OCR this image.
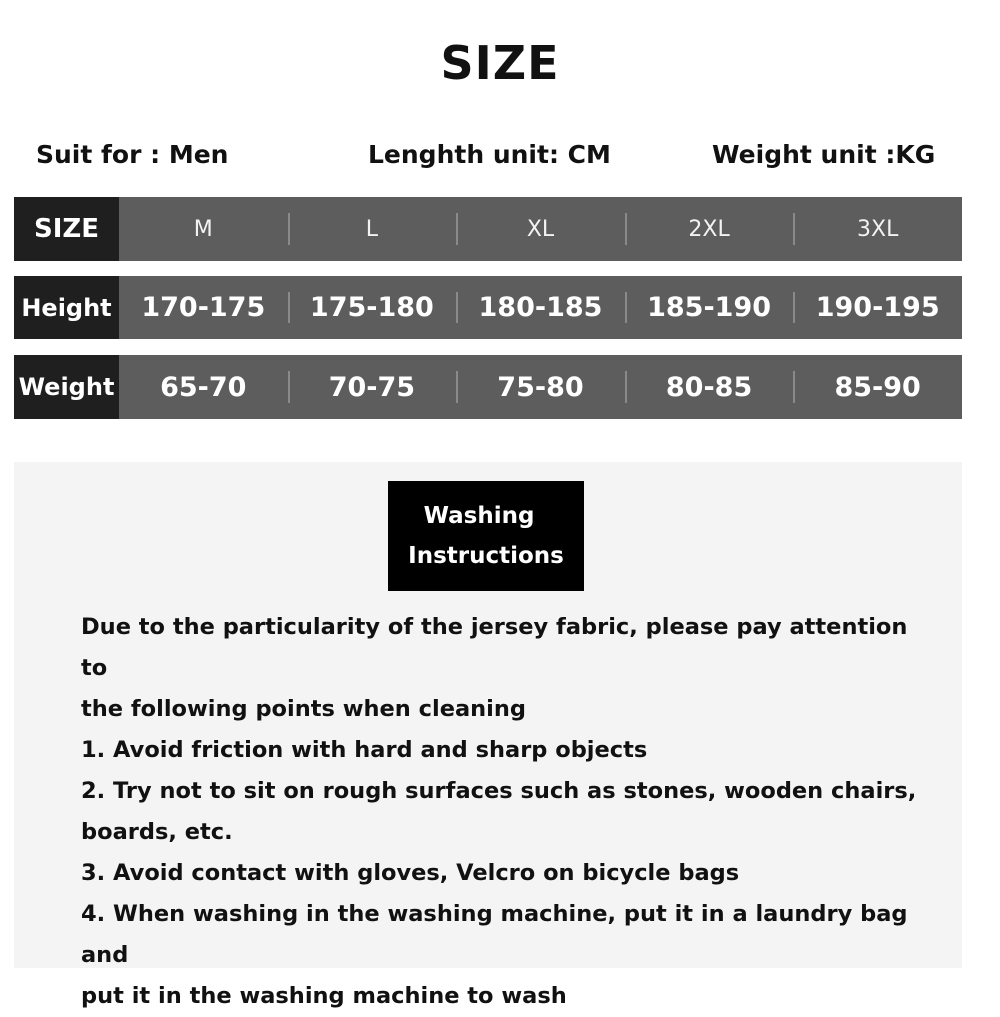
SIZE
Suit for : Men	Lenghth unit: CM	Weight unit :KG
SIZE	M	L	XL	2XL	3XL
Height	170-175	175-180	180-185	185-190	190-195
Weight	65-70	70-75	75-80	80-85	85-90
Washing
Instructions

Due to the particularity of the jersey fabric, please pay attention to

the following points when cleaning

1. Avoid friction with hard and sharp objects

2. Try not to sit on rough surfaces such as stones, wooden chairs,

boards, etc.

3. Avoid contact with gloves, Velcro on bicycle bags

4. When washing in the washing machine, put it in a laundry bag and

put it in the washing machine to wash
